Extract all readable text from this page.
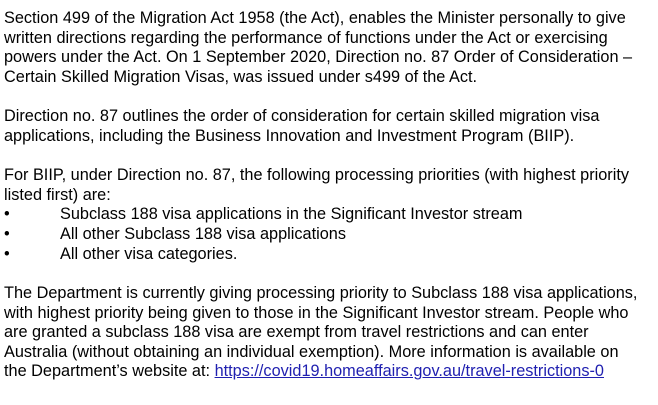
Section 499 of the Migration Act 1958 (the Act), enables the Minister personally to give
written directions regarding the performance of functions under the Act or exercising
powers under the Act. On 1 September 2020, Direction no. 87 Order of Consideration –
Certain Skilled Migration Visas, was issued under s499 of the Act.

Direction no. 87 outlines the order of consideration for certain skilled migration visa
applications, including the Business Innovation and Investment Program (BIIP).

For BIIP, under Direction no. 87, the following processing priorities (with highest priority
listed first) are:

•	Subclass 188 visa applications in the Significant Investor stream
•	All other Subclass 188 visa applications
•	All other visa categories.

The Department is currently giving processing priority to Subclass 188 visa applications,
with highest priority being given to those in the Significant Investor stream. People who
are granted a subclass 188 visa are exempt from travel restrictions and can enter
Australia (without obtaining an individual exemption). More information is available on
the Department’s website at: https://covid19.homeaffairs.gov.au/travel-restrictions-0
